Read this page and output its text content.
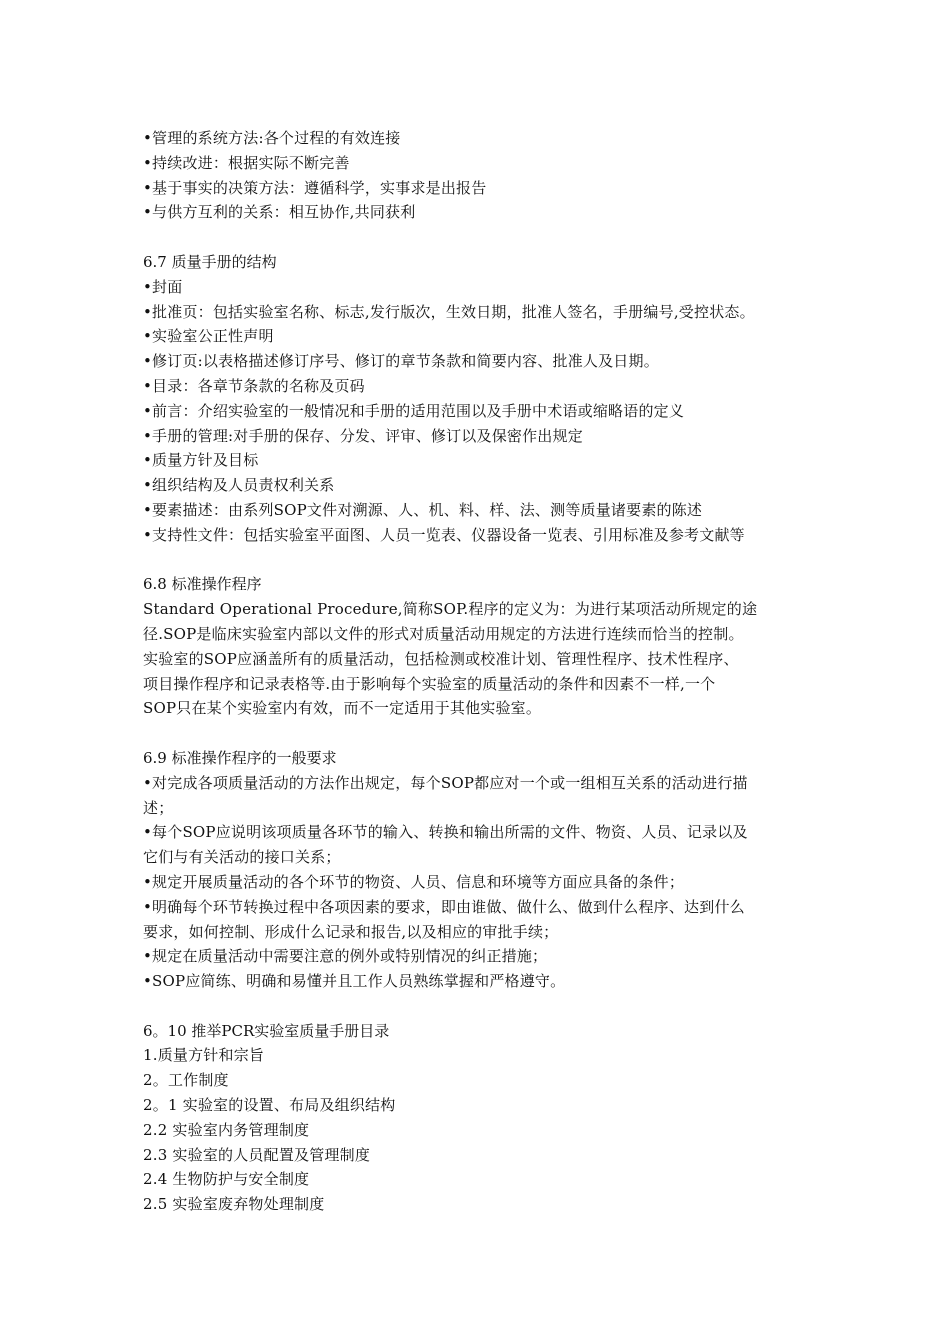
•管理的系统方法:各个过程的有效连接
•持续改进：根据实际不断完善
•基于事实的决策方法：遵循科学，实事求是出报告
•与供方互利的关系：相互协作,共同获利
6.7 质量手册的结构
•封面
•批准页：包括实验室名称、标志,发行版次，生效日期，批准人签名，手册编号,受控状态。
•实验室公正性声明
•修订页:以表格描述修订序号、修订的章节条款和简要内容、批准人及日期。
•目录：各章节条款的名称及页码
•前言：介绍实验室的一般情况和手册的适用范围以及手册中术语或缩略语的定义
•手册的管理:对手册的保存、分发、评审、修订以及保密作出规定
•质量方针及目标
•组织结构及人员责权利关系
•要素描述：由系列SOP文件对溯源、人、机、料、样、法、测等质量诸要素的陈述
•支持性文件：包括实验室平面图、人员一览表、仪器设备一览表、引用标准及参考文献等
6.8 标准操作程序
Standard Operational Procedure,简称SOP.程序的定义为：为进行某项活动所规定的途
径.SOP是临床实验室内部以文件的形式对质量活动用规定的方法进行连续而恰当的控制。
实验室的SOP应涵盖所有的质量活动，包括检测或校准计划、管理性程序、技术性程序、
项目操作程序和记录表格等.由于影响每个实验室的质量活动的条件和因素不一样,一个
SOP只在某个实验室内有效，而不一定适用于其他实验室。
6.9 标准操作程序的一般要求
•对完成各项质量活动的方法作出规定，每个SOP都应对一个或一组相互关系的活动进行描
述；
•每个SOP应说明该项质量各环节的输入、转换和输出所需的文件、物资、人员、记录以及
它们与有关活动的接口关系；
•规定开展质量活动的各个环节的物资、人员、信息和环境等方面应具备的条件；
•明确每个环节转换过程中各项因素的要求，即由谁做、做什么、做到什么程序、达到什么
要求，如何控制、形成什么记录和报告,以及相应的审批手续；
•规定在质量活动中需要注意的例外或特别情况的纠正措施；
•SOP应简练、明确和易懂并且工作人员熟练掌握和严格遵守。
6。10 推举PCR实验室质量手册目录
1.质量方针和宗旨
2。工作制度
2。1 实验室的设置、布局及组织结构
2.2 实验室内务管理制度
2.3 实验室的人员配置及管理制度
2.4 生物防护与安全制度
2.5 实验室废弃物处理制度
